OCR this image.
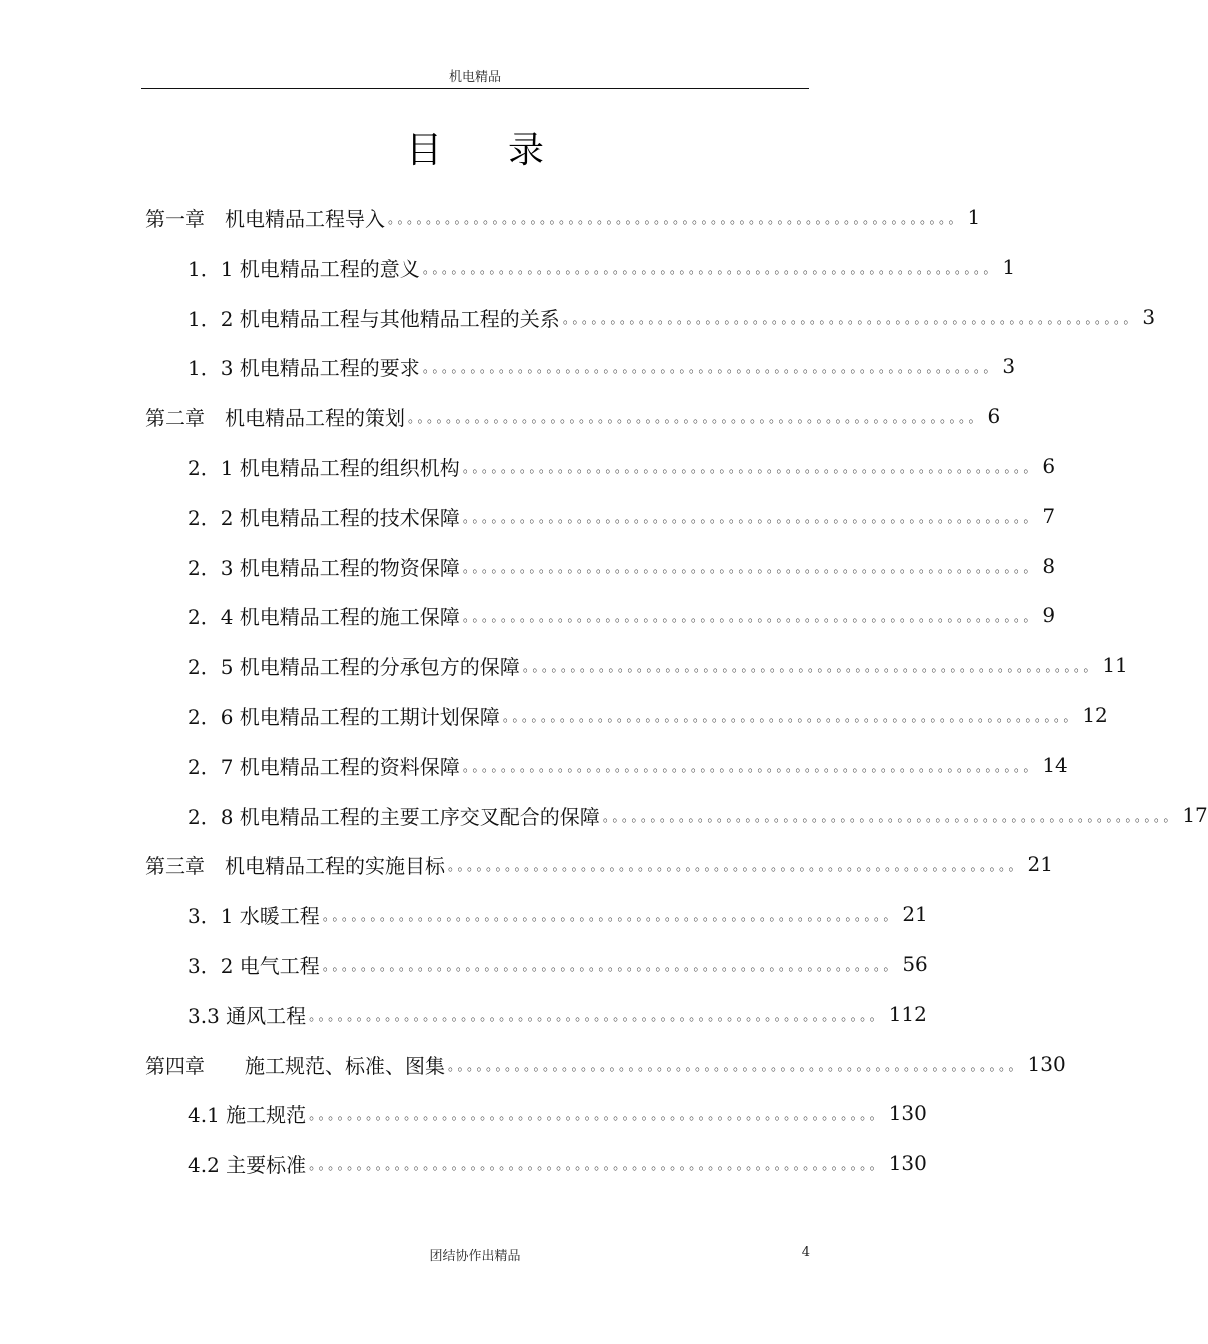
机电精品
目录
第一章　机电精品工程导入 。。。。。。。。。。。。。。。。。。。。。。。。。。。。。。。。。。。。。。。。。。。。。。。。。。。。。。。。。。。。 1
1．1 机电精品工程的意义 。。。。。。。。。。。。。。。。。。。。。。。。。。。。。。。。。。。。。。。。。。。。。。。。。。。。。。。。。。。。 1
1．2 机电精品工程与其他精品工程的关系 。。。。。。。。。。。。。。。。。。。。。。。。。。。。。。。。。。。。。。。。。。。。。。。。。。。。。。。。。。。。 3
1．3 机电精品工程的要求 。。。。。。。。。。。。。。。。。。。。。。。。。。。。。。。。。。。。。。。。。。。。。。。。。。。。。。。。。。。。 3
第二章　机电精品工程的策划 。。。。。。。。。。。。。。。。。。。。。。。。。。。。。。。。。。。。。。。。。。。。。。。。。。。。。。。。。。。。 6
2．1 机电精品工程的组织机构 。。。。。。。。。。。。。。。。。。。。。。。。。。。。。。。。。。。。。。。。。。。。。。。。。。。。。。。。。。。。 6
2．2 机电精品工程的技术保障 。。。。。。。。。。。。。。。。。。。。。。。。。。。。。。。。。。。。。。。。。。。。。。。。。。。。。。。。。。。。 7
2．3 机电精品工程的物资保障 。。。。。。。。。。。。。。。。。。。。。。。。。。。。。。。。。。。。。。。。。。。。。。。。。。。。。。。。。。。。 8
2．4 机电精品工程的施工保障 。。。。。。。。。。。。。。。。。。。。。。。。。。。。。。。。。。。。。。。。。。。。。。。。。。。。。。。。。。。。 9
2．5 机电精品工程的分承包方的保障 。。。。。。。。。。。。。。。。。。。。。。。。。。。。。。。。。。。。。。。。。。。。。。。。。。。。。。。。。。。。 11
2．6 机电精品工程的工期计划保障 。。。。。。。。。。。。。。。。。。。。。。。。。。。。。。。。。。。。。。。。。。。。。。。。。。。。。。。。。。。。 12
2．7 机电精品工程的资料保障 。。。。。。。。。。。。。。。。。。。。。。。。。。。。。。。。。。。。。。。。。。。。。。。。。。。。。。。。。。。。 14
2．8 机电精品工程的主要工序交叉配合的保障 。。。。。。。。。。。。。。。。。。。。。。。。。。。。。。。。。。。。。。。。。。。。。。。。。。。。。。。。。。。。 17
第三章　机电精品工程的实施目标 。。。。。。。。。。。。。。。。。。。。。。。。。。。。。。。。。。。。。。。。。。。。。。。。。。。。。。。。。。。。 21
3．1 水暖工程 。。。。。。。。。。。。。。。。。。。。。。。。。。。。。。。。。。。。。。。。。。。。。。。。。。。。。。。。。。。。 21
3．2 电气工程 。。。。。。。。。。。。。。。。。。。。。。。。。。。。。。。。。。。。。。。。。。。。。。。。。。。。。。。。。。。。 56
3.3 通风工程 。。。。。。。。。。。。。。。。。。。。。。。。。。。。。。。。。。。。。。。。。。。。。。。。。。。。。。。。。。。。 112
第四章　　施工规范、标准、图集 。。。。。。。。。。。。。。。。。。。。。。。。。。。。。。。。。。。。。。。。。。。。。。。。。。。。。。。。。。。。 130
4.1 施工规范 。。。。。。。。。。。。。。。。。。。。。。。。。。。。。。。。。。。。。。。。。。。。。。。。。。。。。。。。。。。。 130
4.2 主要标准 。。。。。。。。。。。。。。。。。。。。。。。。。。。。。。。。。。。。。。。。。。。。。。。。。。。。。。。。。。。。 130
团结协作出精品	4
